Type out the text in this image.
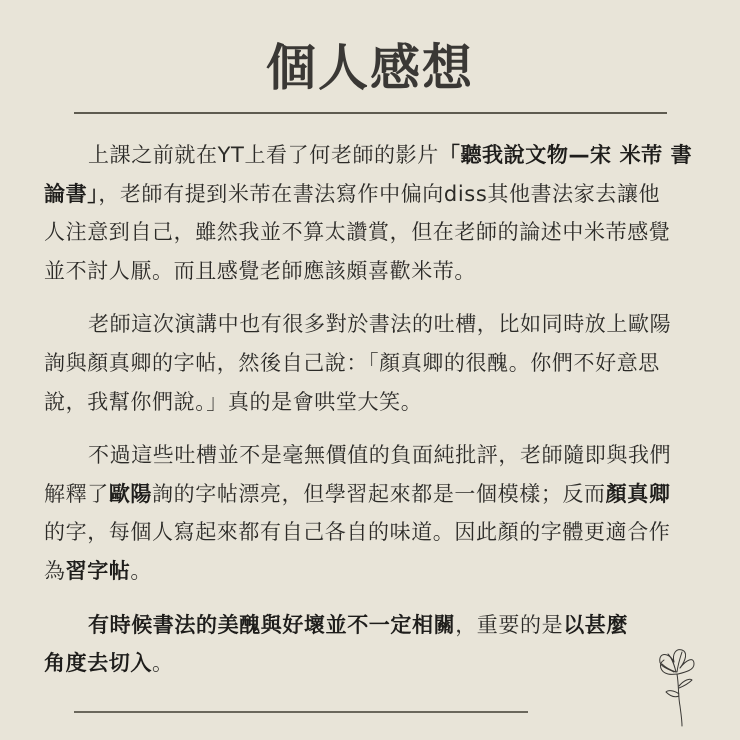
個人感想

上課之前就在YT上看了何老師的影片「聽我說文物—宋 米芾 書
論書」，老師有提到米芾在書法寫作中偏向diss其他書法家去讓他
人注意到自己，雖然我並不算太讚賞，但在老師的論述中米芾感覺
並不討人厭。而且感覺老師應該頗喜歡米芾。

老師這次演講中也有很多對於書法的吐槽，比如同時放上歐陽
詢與顏真卿的字帖，然後自己說：「顏真卿的很醜。你們不好意思
說，我幫你們說。」真的是會哄堂大笑。

不過這些吐槽並不是毫無價值的負面純批評，老師隨即與我們
解釋了歐陽詢的字帖漂亮，但學習起來都是一個模樣；反而顏真卿
的字，每個人寫起來都有自己各自的味道。因此顏的字體更適合作
為習字帖。

有時候書法的美醜與好壞並不一定相關，重要的是以甚麼
角度去切入。
